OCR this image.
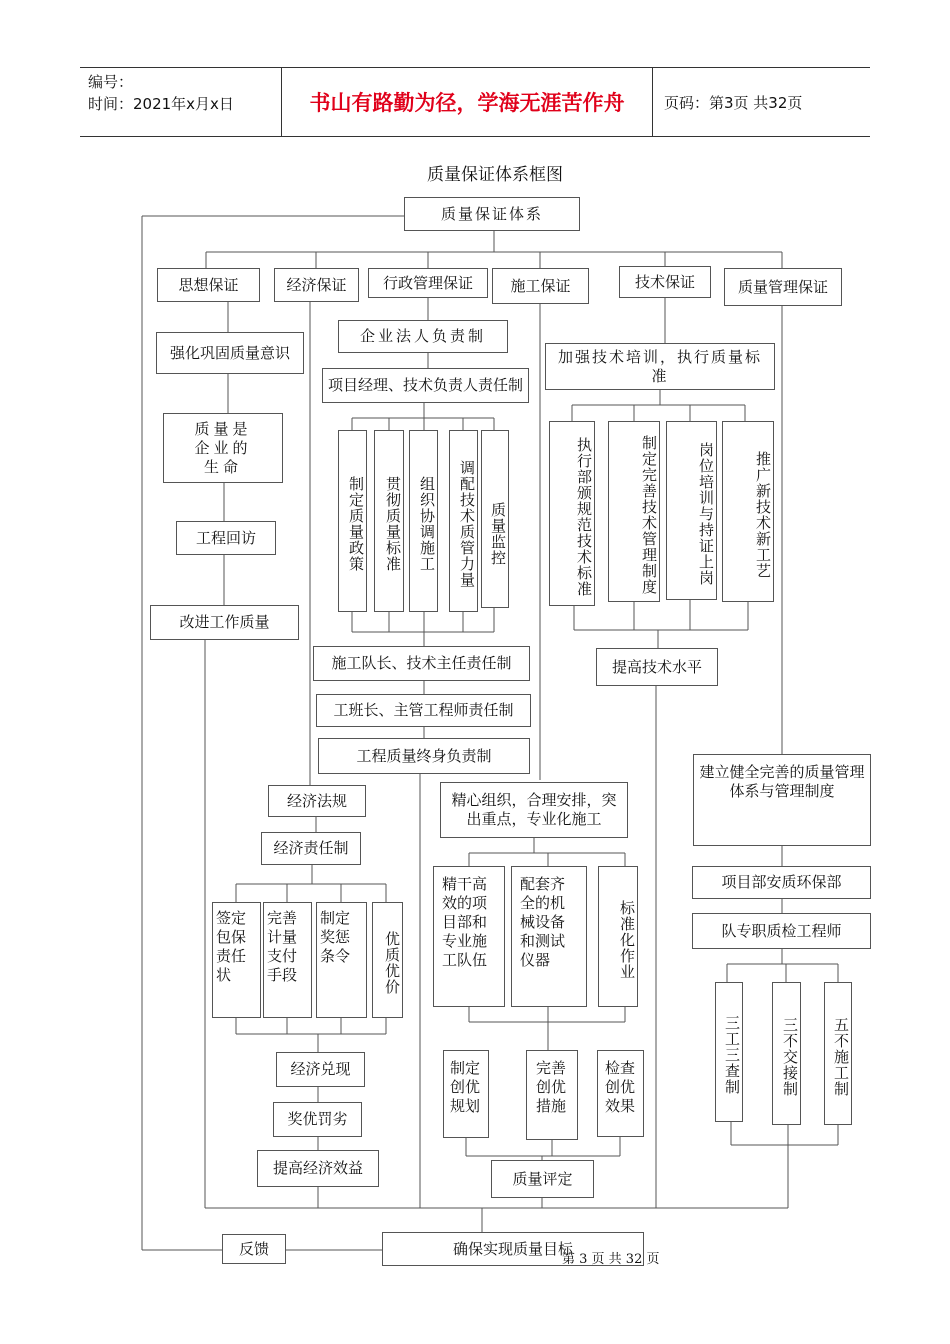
编号：
时间：2021年x月x日	书山有路勤为径，学海无涯苦作舟	页码：第3页 共32页
质量保证体系框图
质量保证体系
思想保证	经济保证	行政管理保证	施工保证	技术保证	质量管理保证
强化巩固质量意识
质量是企业的生命
工程回访
改进工作质量
企业法人负责制
项目经理、技术负责人责任制
制定质量政策	贯彻质量标准	组织协调施工	调配技术质管力量 质量监控
施工队长、技术主任责任制
工班长、主管工程师责任制
工程质量终身负责制
加强技术培训，执行质量标准
执行部颁规范技术标准	制定完善技术管理制度	岗位培训与持证上岗	推广新技术新工艺
提高技术水平
建立健全完善的质量管理体系与管理制度
项目部安质环保部
队专职质检工程师
三工三查制	三不交接制	五不施工制
经济法规
经济责任制
签定包保责任状
完善计量支付手段
制定奖惩条令	优质优价
经济兑现
奖优罚劣
提高经济效益
精心组织，合理安排，突出重点，专业化施工
精干高效的项目部和专业施工队伍
配套齐全的机械设备和测试仪器	标准化作业
制定创优规划
完善创优措施
检查创优效果
质量评定
反馈	确保实现质量目标
第 3 页 共 32 页
